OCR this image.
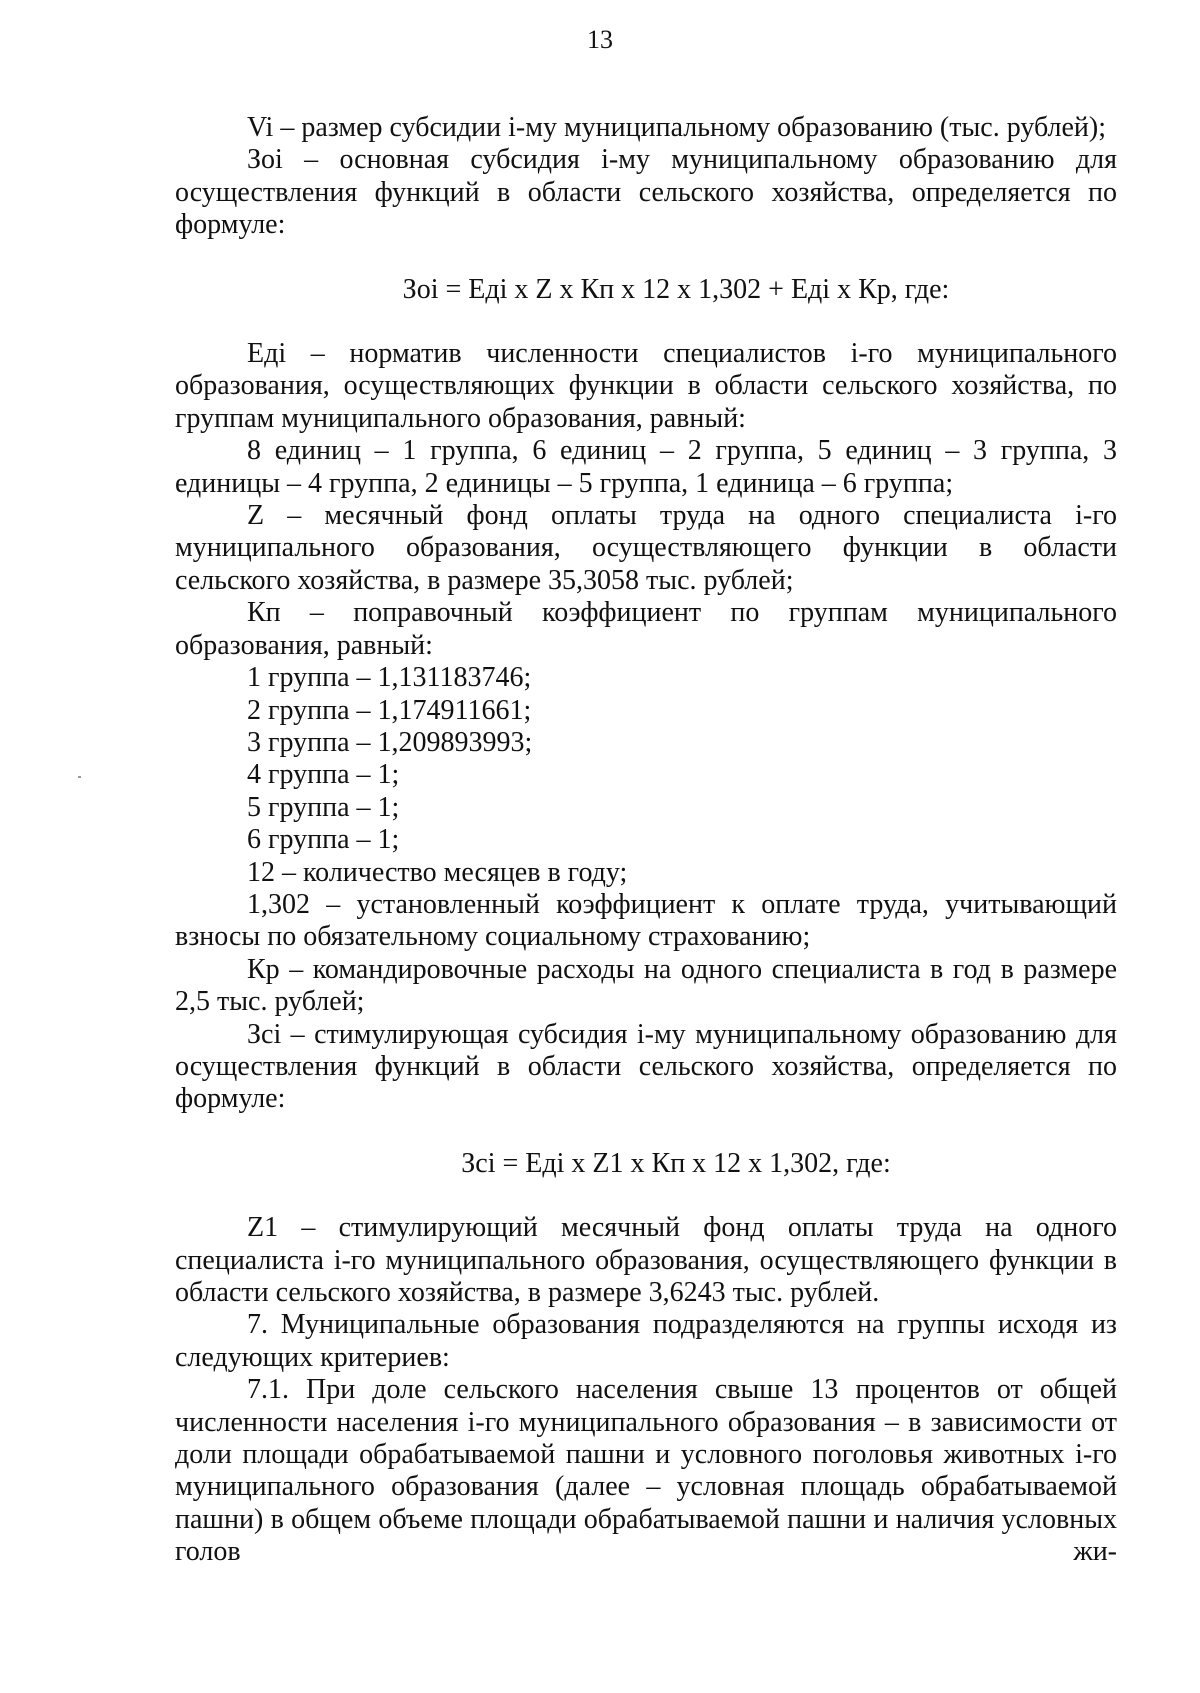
13

Vi – размер субсидии i-му муниципальному образованию (тыс. рублей);

Зoi – основная субсидия i-му муниципальному образованию для осуществления функций в области сельского хозяйства, определяется по формуле:

Зоi = Eдi x Z x Кп x 12 x 1,302 + Eдi x Кр, где:

Eдi – норматив численности специалистов i-го муниципального образования, осуществляющих функции в области сельского хозяйства, по группам муниципального образования, равный:

8 единиц – 1 группа, 6 единиц – 2 группа, 5 единиц – 3 группа, 3 единицы – 4 группа, 2 единицы – 5 группа, 1 единица – 6 группа;

Z – месячный фонд оплаты труда на одного специалиста i-го муниципального образования, осуществляющего функции в области сельского хозяйства, в размере 35,3058 тыс. рублей;

Кп – поправочный коэффициент по группам муниципального образования, равный:

1 группа – 1,131183746;

2 группа – 1,174911661;

3 группа – 1,209893993;

4 группа – 1;

5 группа – 1;

6 группа – 1;

12 – количество месяцев в году;

1,302 – установленный коэффициент к оплате труда, учитывающий взносы по обязательному социальному страхованию;

Кр – командировочные расходы на одного специалиста в год в размере 2,5 тыс. рублей;

Зсi – стимулирующая субсидия i-му муниципальному образованию для осуществления функций в области сельского хозяйства, определяется по формуле:

Зсi = Eдi x Z1 x Кп x 12 x 1,302, где:

Z1 – стимулирующий месячный фонд оплаты труда на одного специалиста i-го муниципального образования, осуществляющего функции в области сельского хозяйства, в размере 3,6243 тыс. рублей.

7. Муниципальные образования подразделяются на группы исходя из следующих критериев:

7.1. При доле сельского населения свыше 13 процентов от общей численности населения i-го муниципального образования – в зависимости от доли площади обрабатываемой пашни и условного поголовья животных i-го муниципального образования (далее – условная площадь обрабатываемой пашни) в общем объеме площади обрабатываемой пашни и наличия условных голов жи-
